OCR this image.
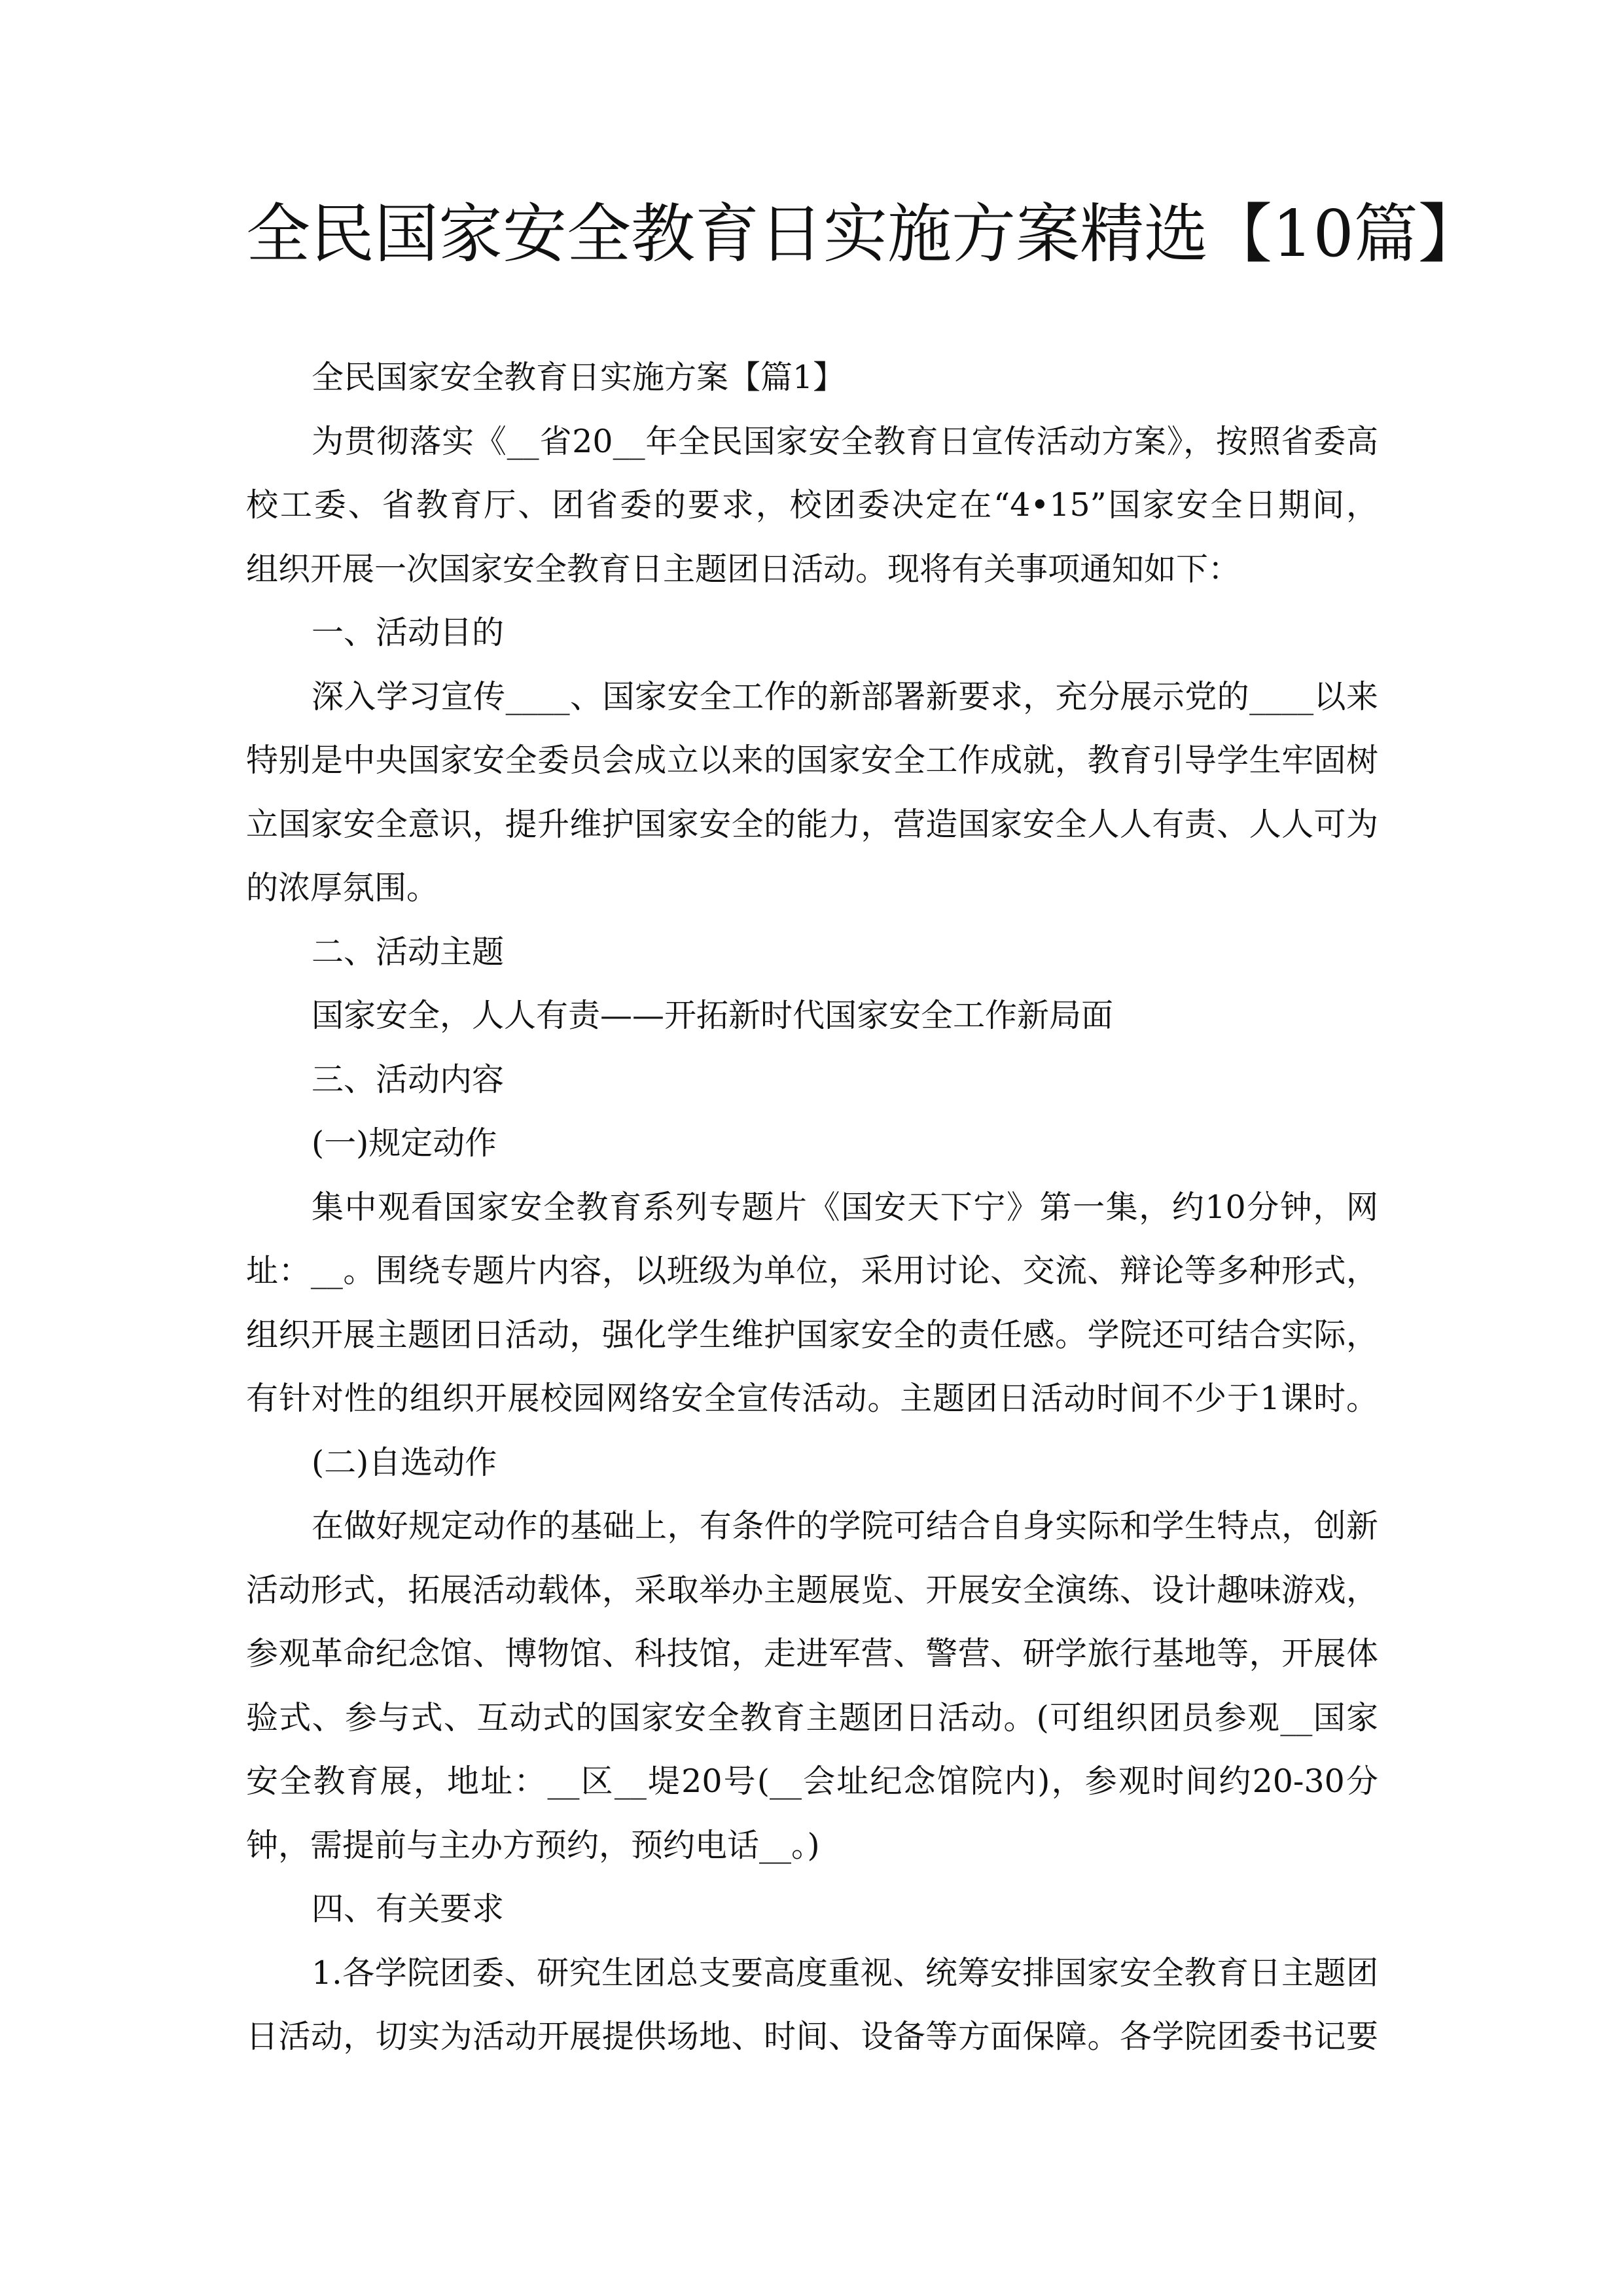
全民国家安全教育日实施方案精选【10篇】
全民国家安全教育日实施方案【篇1】
为贯彻落实《__省20__年全民国家安全教育日宣传活动方案》，按照省委高
校工委、省教育厅、团省委的要求，校团委决定在“4•15”国家安全日期间，
组织开展一次国家安全教育日主题团日活动。现将有关事项通知如下：
一、活动目的
深入学习宣传____、国家安全工作的新部署新要求，充分展示党的____以来
特别是中央国家安全委员会成立以来的国家安全工作成就，教育引导学生牢固树
立国家安全意识，提升维护国家安全的能力，营造国家安全人人有责、人人可为
的浓厚氛围。
二、活动主题
国家安全，人人有责——开拓新时代国家安全工作新局面
三、活动内容
(一)规定动作
集中观看国家安全教育系列专题片《国安天下宁》第一集，约10分钟，网
址：__。围绕专题片内容，以班级为单位，采用讨论、交流、辩论等多种形式，
组织开展主题团日活动，强化学生维护国家安全的责任感。学院还可结合实际，
有针对性的组织开展校园网络安全宣传活动。主题团日活动时间不少于1课时。
(二)自选动作
在做好规定动作的基础上，有条件的学院可结合自身实际和学生特点，创新
活动形式，拓展活动载体，采取举办主题展览、开展安全演练、设计趣味游戏，
参观革命纪念馆、博物馆、科技馆，走进军营、警营、研学旅行基地等，开展体
验式、参与式、互动式的国家安全教育主题团日活动。(可组织团员参观__国家
安全教育展，地址：__区__堤20号(__会址纪念馆院内)，参观时间约20-30分
钟，需提前与主办方预约，预约电话__。)
四、有关要求
1.各学院团委、研究生团总支要高度重视、统筹安排国家安全教育日主题团
日活动，切实为活动开展提供场地、时间、设备等方面保障。各学院团委书记要
